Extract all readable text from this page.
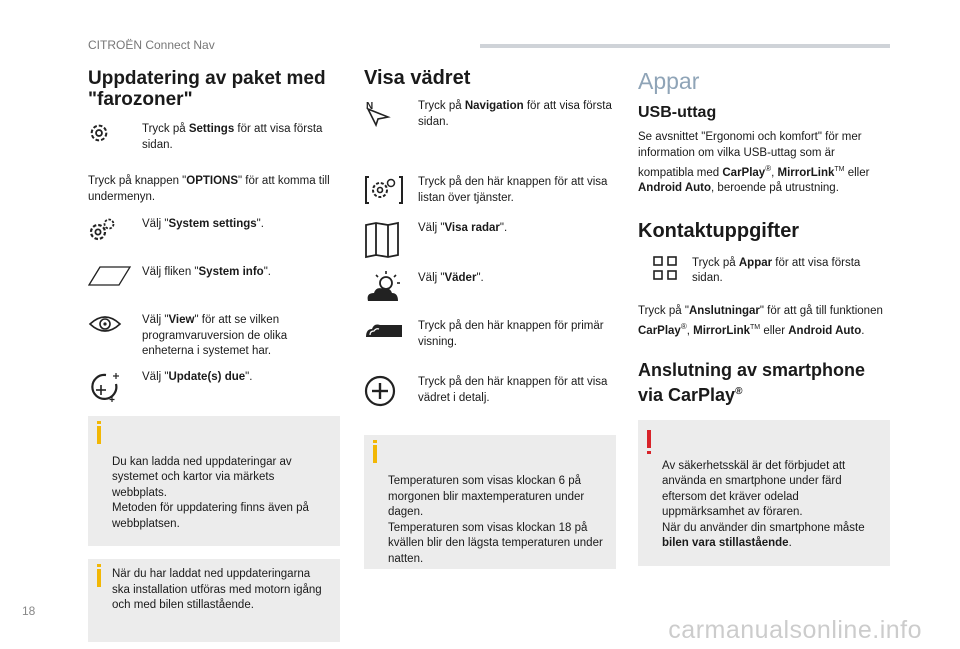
CITROËN Connect Nav
Uppdatering av paket med "farozoner"
Tryck på Settings för att visa första sidan.

Tryck på knappen "OPTIONS" för att komma till undermenyn.

Välj "System settings".
Välj fliken "System info".
Välj "View" för att se vilken programvaruversion de olika enheterna i systemet har.
Välj "Update(s) due".

Du kan ladda ned uppdateringar av systemet och kartor via märkets webbplats.
Metoden för uppdatering finns även på webbplatsen.

När du har laddat ned uppdateringarna ska installation utföras med motorn igång och med bilen stillastående.
Visa vädret
N	Tryck på Navigation för att visa första sidan.
Tryck på den här knappen för att visa listan över tjänster.
Välj "Visa radar".
Välj "Väder".
Tryck på den här knappen för primär visning.
Tryck på den här knappen för att visa vädret i detalj.

Temperaturen som visas klockan 6 på morgonen blir maxtemperaturen under dagen.
Temperaturen som visas klockan 18 på kvällen blir den lägsta temperaturen under natten.

Appar
USB-uttag

Se avsnittet "Ergonomi och komfort" för mer information om vilka USB-uttag som är kompatibla med CarPlay®, MirrorLink™ eller Android Auto, beroende på utrustning.

Kontaktuppgifter
Tryck på Appar för att visa första sidan.

Tryck på "Anslutningar" för att gå till funktionen CarPlay®, MirrorLink™ eller Android Auto.

Anslutning av smartphone via CarPlay®

Av säkerhetsskäl är det förbjudet att använda en smartphone under färd eftersom det kräver odelad uppmärksamhet av föraren.
När du använder din smartphone måste bilen vara stillastående.

18
carmanualsonline.info
